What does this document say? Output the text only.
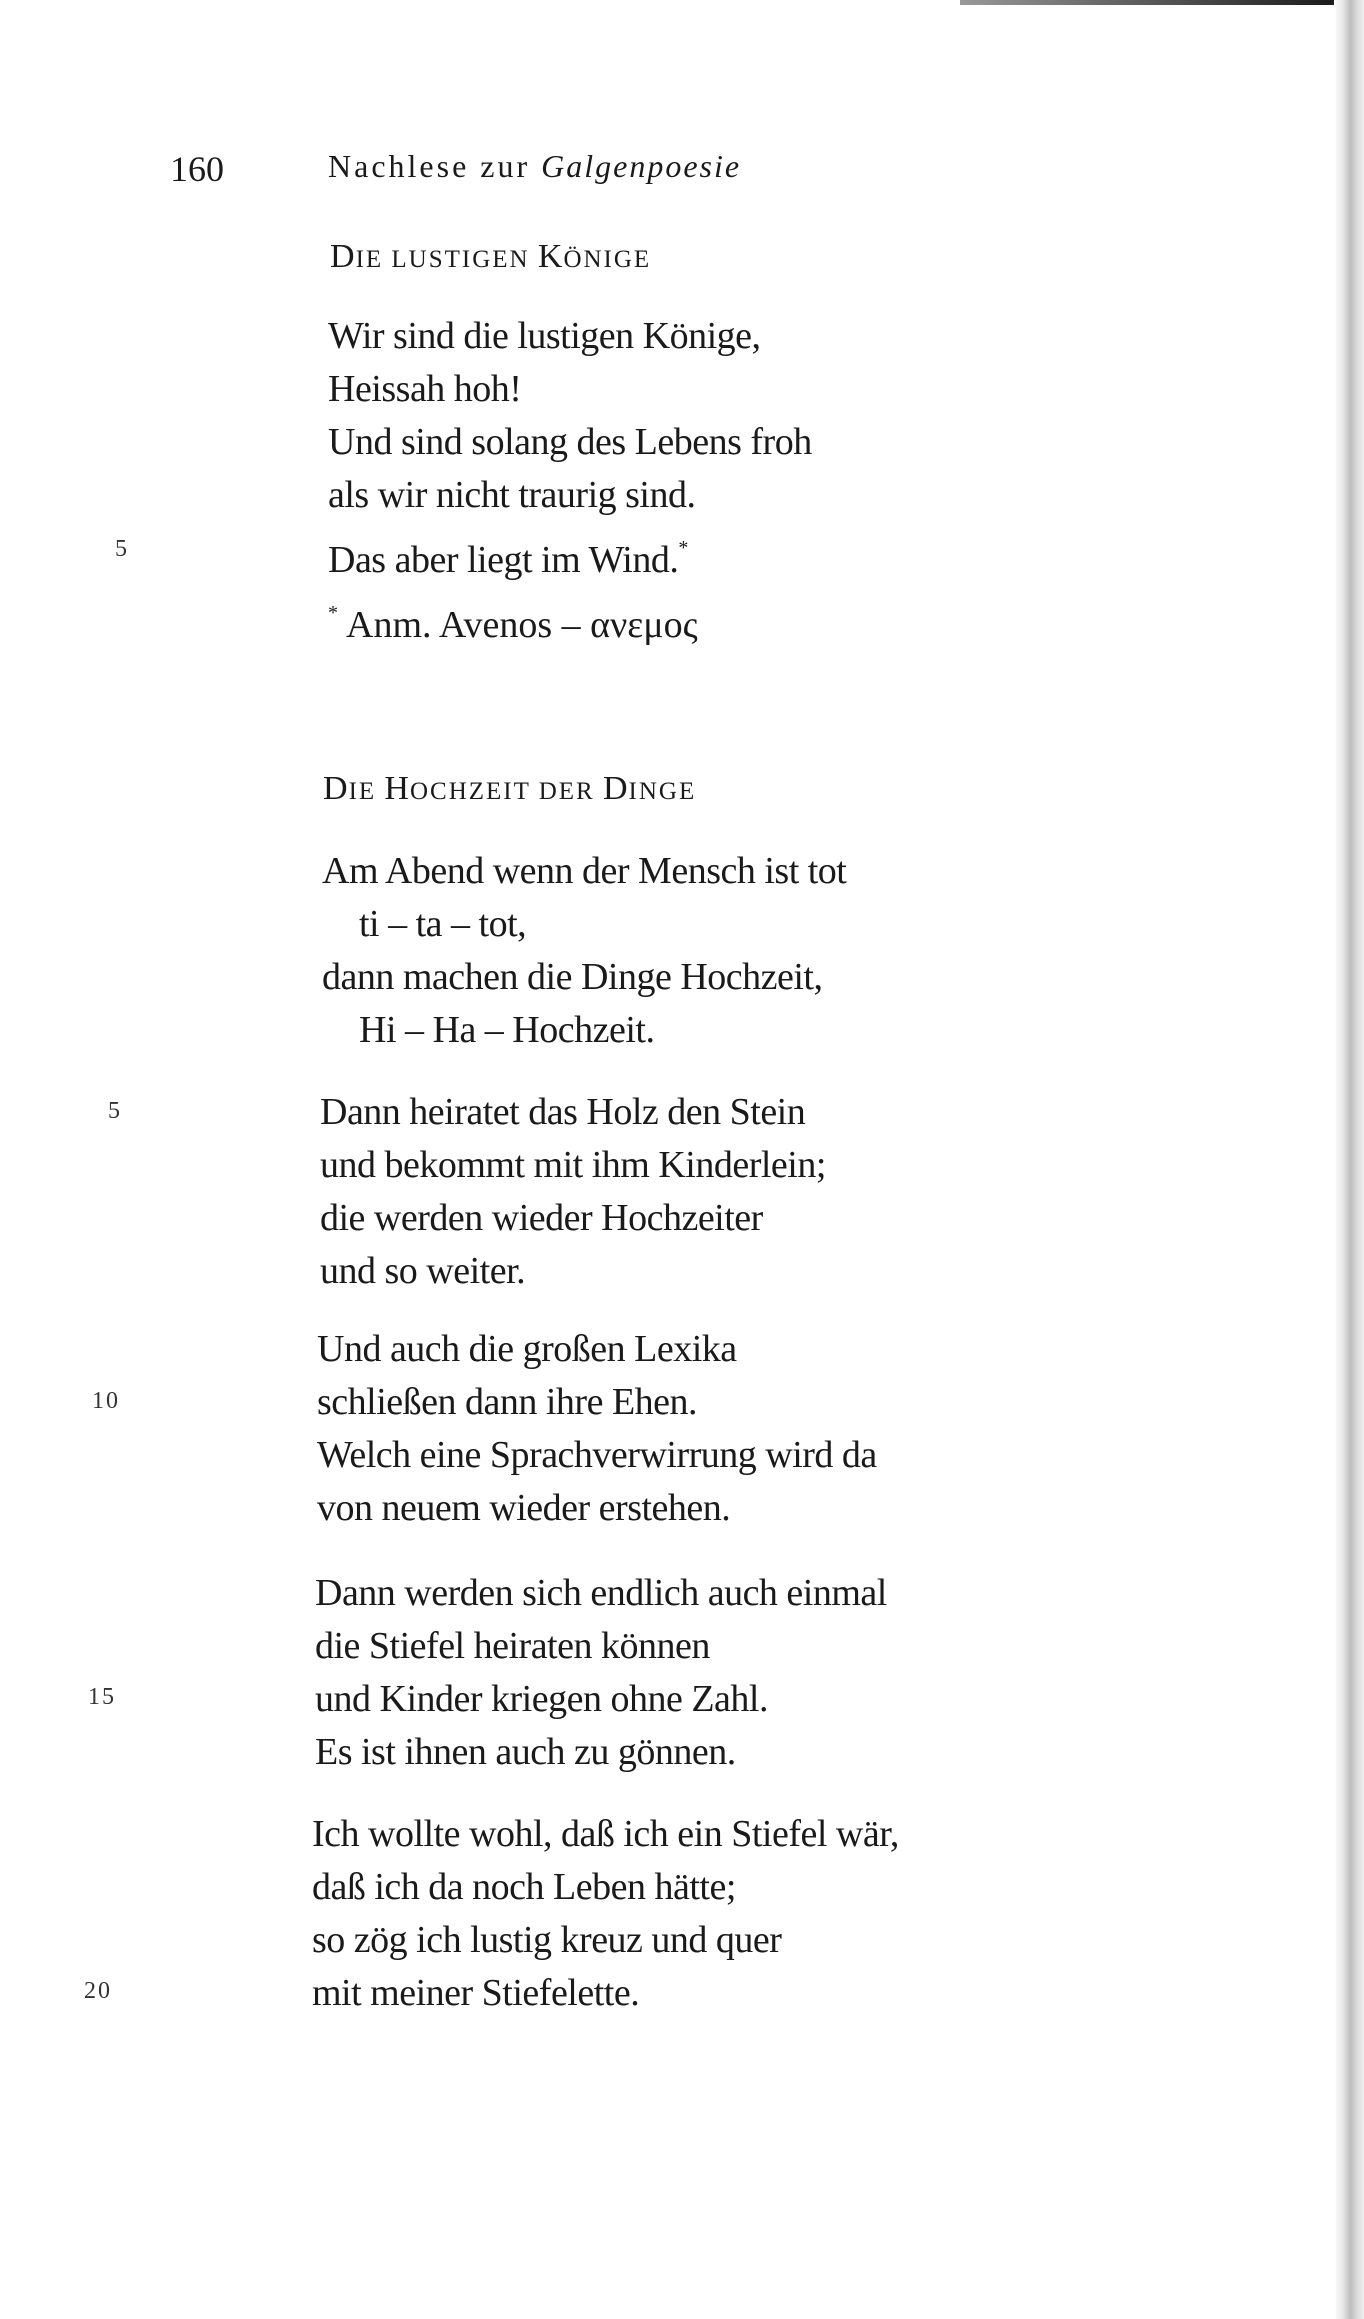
160	Nachlese zur Galgenpoesie
DIE LUSTIGEN KÖNIGE
Wir sind die lustigen Könige,
Heissah hoh!
Und sind solang des Lebens froh
als wir nicht traurig sind.
Das aber liegt im Wind.*
5
* Anm. Avenos – ανεμος
DIE HOCHZEIT DER DINGE
Am Abend wenn der Mensch ist tot
ti – ta – tot,
dann machen die Dinge Hochzeit,
Hi – Ha – Hochzeit.
Dann heiratet das Holz den Stein
und bekommt mit ihm Kinderlein;
die werden wieder Hochzeiter
und so weiter.
Und auch die großen Lexika
schließen dann ihre Ehen.
Welch eine Sprachverwirrung wird da
von neuem wieder erstehen.
Dann werden sich endlich auch einmal
die Stiefel heiraten können
und Kinder kriegen ohne Zahl.
Es ist ihnen auch zu gönnen.
Ich wollte wohl, daß ich ein Stiefel wär,
daß ich da noch Leben hätte;
so zög ich lustig kreuz und quer
mit meiner Stiefelette.
5
10
15
20
